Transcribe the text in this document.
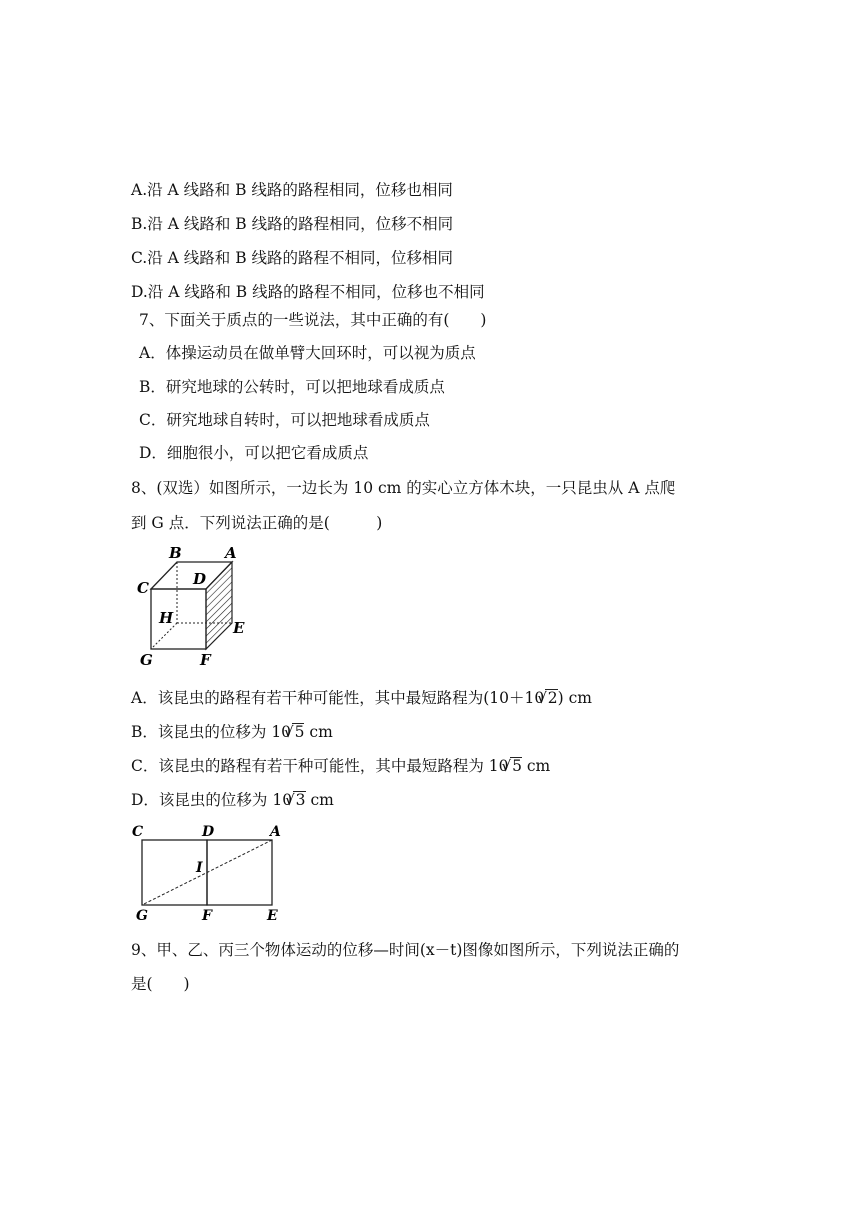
A.沿 A 线路和 B 线路的路程相同，位移也相同
B.沿 A 线路和 B 线路的路程相同，位移不相同
C.沿 A 线路和 B 线路的路程不相同，位移相同
D.沿 A 线路和 B 线路的路程不相同，位移也不相同
7、下面关于质点的一些说法，其中正确的有(　　)
A．体操运动员在做单臂大回环时，可以视为质点
B．研究地球的公转时，可以把地球看成质点
C．研究地球自转时，可以把地球看成质点
D．细胞很小，可以把它看成质点
8、(双选）如图所示，一边长为 10 cm 的实心立方体木块，一只昆虫从 A 点爬
到 G 点．下列说法正确的是(　　　)
B	A
C	D
H
E
G	F
A．该昆虫的路程有若干种可能性，其中最短路程为(10＋10 √ 2) cm
B．该昆虫的位移为 10 √ 5 cm
C．该昆虫的路程有若干种可能性，其中最短路程为 10 √ 5 cm
D．该昆虫的位移为 10 √ 3 cm
C	D	A
I
G	F	E
9、甲、乙、丙三个物体运动的位移—时间(x－t)图像如图所示，下列说法正确的
是(　　)
